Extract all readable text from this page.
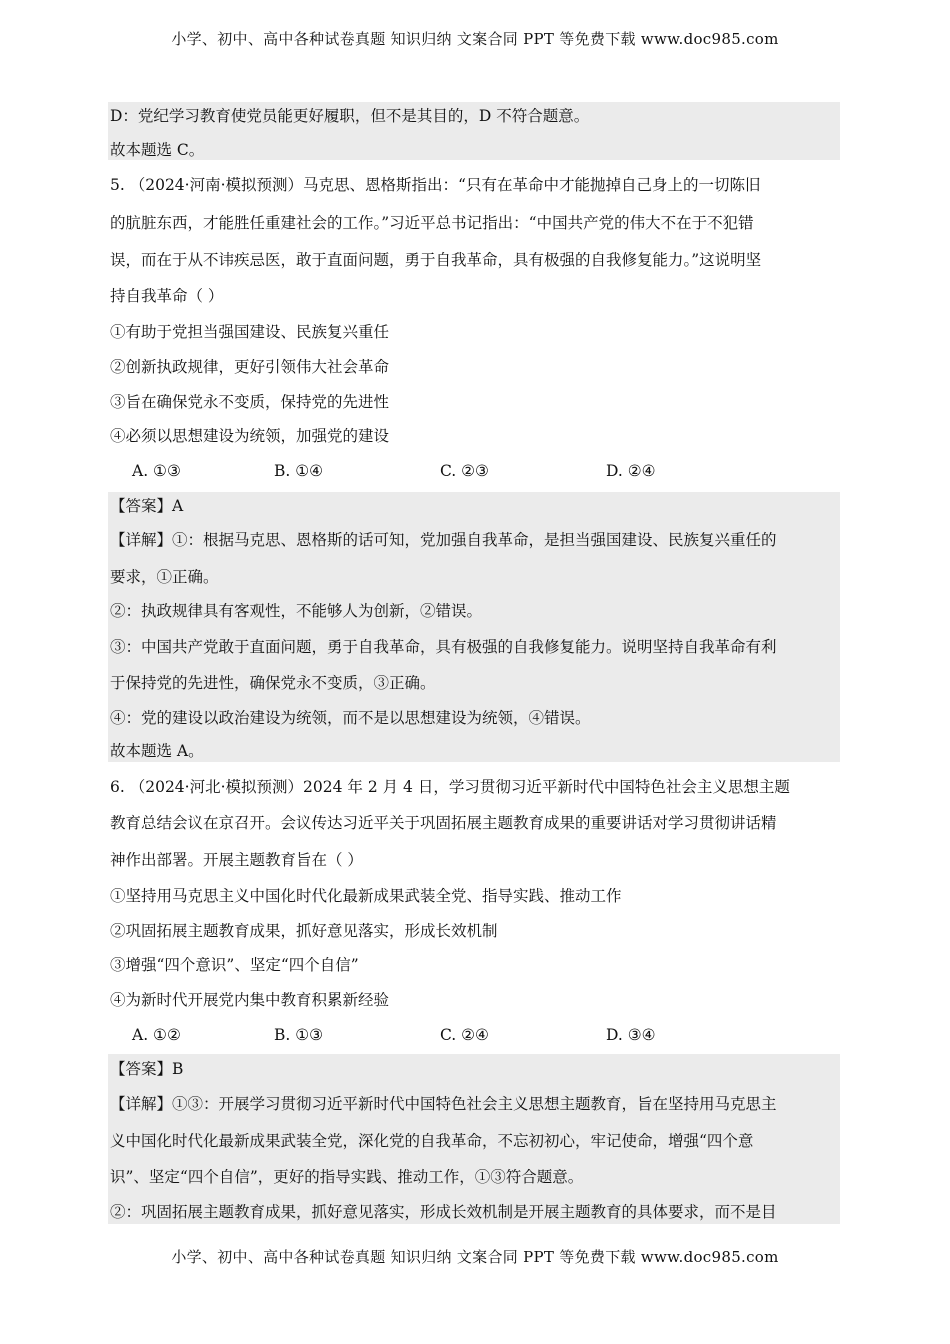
小学、初中、高中各种试卷真题 知识归纳 文案合同 PPT 等免费下载 www.doc985.com
D：党纪学习教育使党员能更好履职，但不是其目的，D 不符合题意。
故本题选 C。
5. （2024·河南·模拟预测）马克思、恩格斯指出：“只有在革命中才能抛掉自己身上的一切陈旧
的肮脏东西，才能胜任重建社会的工作。”习近平总书记指出：“中国共产党的伟大不在于不犯错
误，而在于从不讳疾忌医，敢于直面问题，勇于自我革命，具有极强的自我修复能力。”这说明坚
持自我革命（ ）
①有助于党担当强国建设、民族复兴重任
②创新执政规律，更好引领伟大社会革命
③旨在确保党永不变质，保持党的先进性
④必须以思想建设为统领，加强党的建设
A. ①③	B. ①④	C. ②③	D. ②④
【答案】A
【详解】①：根据马克思、恩格斯的话可知，党加强自我革命，是担当强国建设、民族复兴重任的
要求，①正确。
②：执政规律具有客观性，不能够人为创新，②错误。
③：中国共产党敢于直面问题，勇于自我革命，具有极强的自我修复能力。说明坚持自我革命有利
于保持党的先进性，确保党永不变质，③正确。
④：党的建设以政治建设为统领，而不是以思想建设为统领，④错误。
故本题选 A。
6. （2024·河北·模拟预测）2024 年 2 月 4 日，学习贯彻习近平新时代中国特色社会主义思想主题
教育总结会议在京召开。会议传达习近平关于巩固拓展主题教育成果的重要讲话对学习贯彻讲话精
神作出部署。开展主题教育旨在（ ）
①坚持用马克思主义中国化时代化最新成果武装全党、指导实践、推动工作
②巩固拓展主题教育成果，抓好意见落实，形成长效机制
③增强“四个意识”、坚定“四个自信”
④为新时代开展党内集中教育积累新经验
A. ①②	B. ①③	C. ②④	D. ③④
【答案】B
【详解】①③：开展学习贯彻习近平新时代中国特色社会主义思想主题教育，旨在坚持用马克思主
义中国化时代化最新成果武装全党，深化党的自我革命，不忘初初心，牢记使命，增强“四个意
识”、坚定“四个自信”，更好的指导实践、推动工作，①③符合题意。
②：巩固拓展主题教育成果，抓好意见落实，形成长效机制是开展主题教育的具体要求，而不是目
小学、初中、高中各种试卷真题 知识归纳 文案合同 PPT 等免费下载 www.doc985.com
